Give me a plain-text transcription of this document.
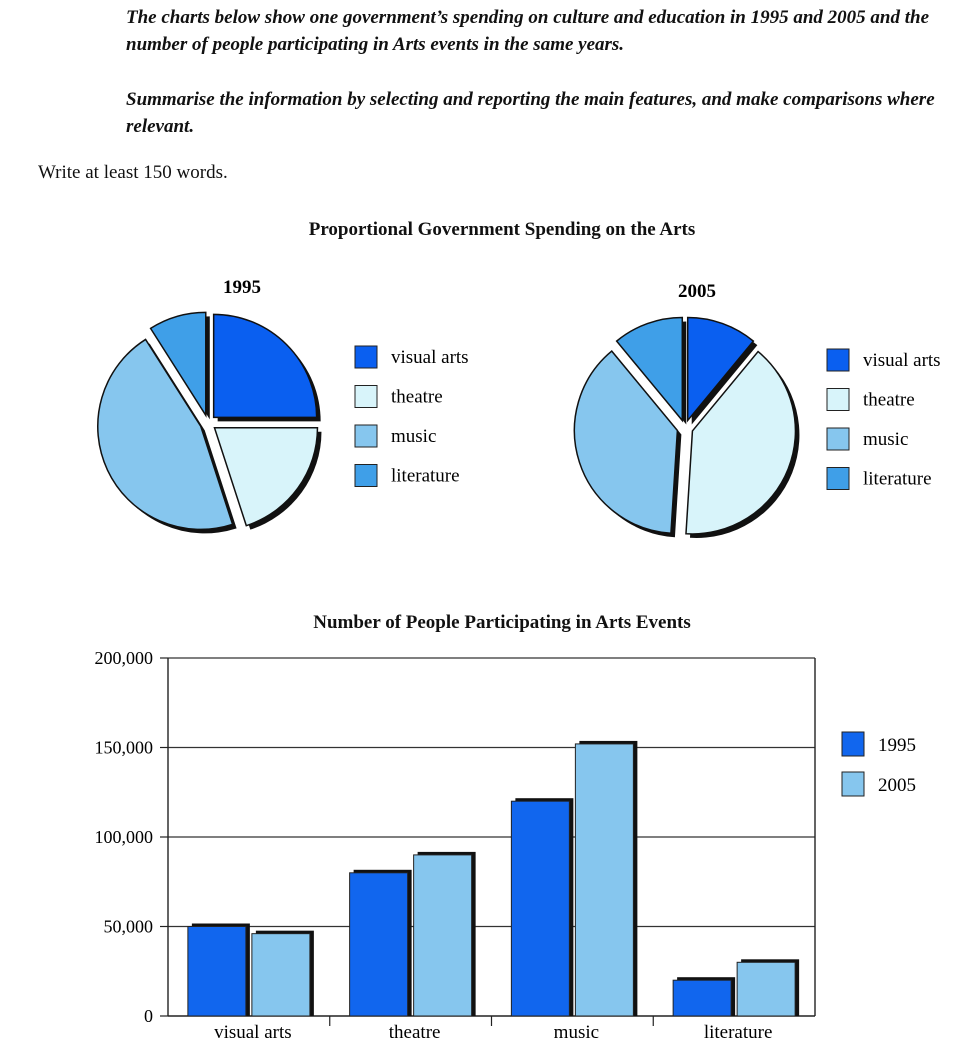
The charts below show one government’s spending on culture and education in 1995 and 2005 and the number of people participating in Arts events in the same years.

Summarise the information by selecting and reporting the main features, and make comparisons where relevant.

Write at least 150 words.

Proportional Government Spending on the Arts

1995	2005
visual arts
theatre
music
literature
visual arts
theatre
music
literature

Number of People Participating in Arts Events

0
50,000
100,000
150,000
200,000
visual arts	theatre	music	literature
1995
2005
